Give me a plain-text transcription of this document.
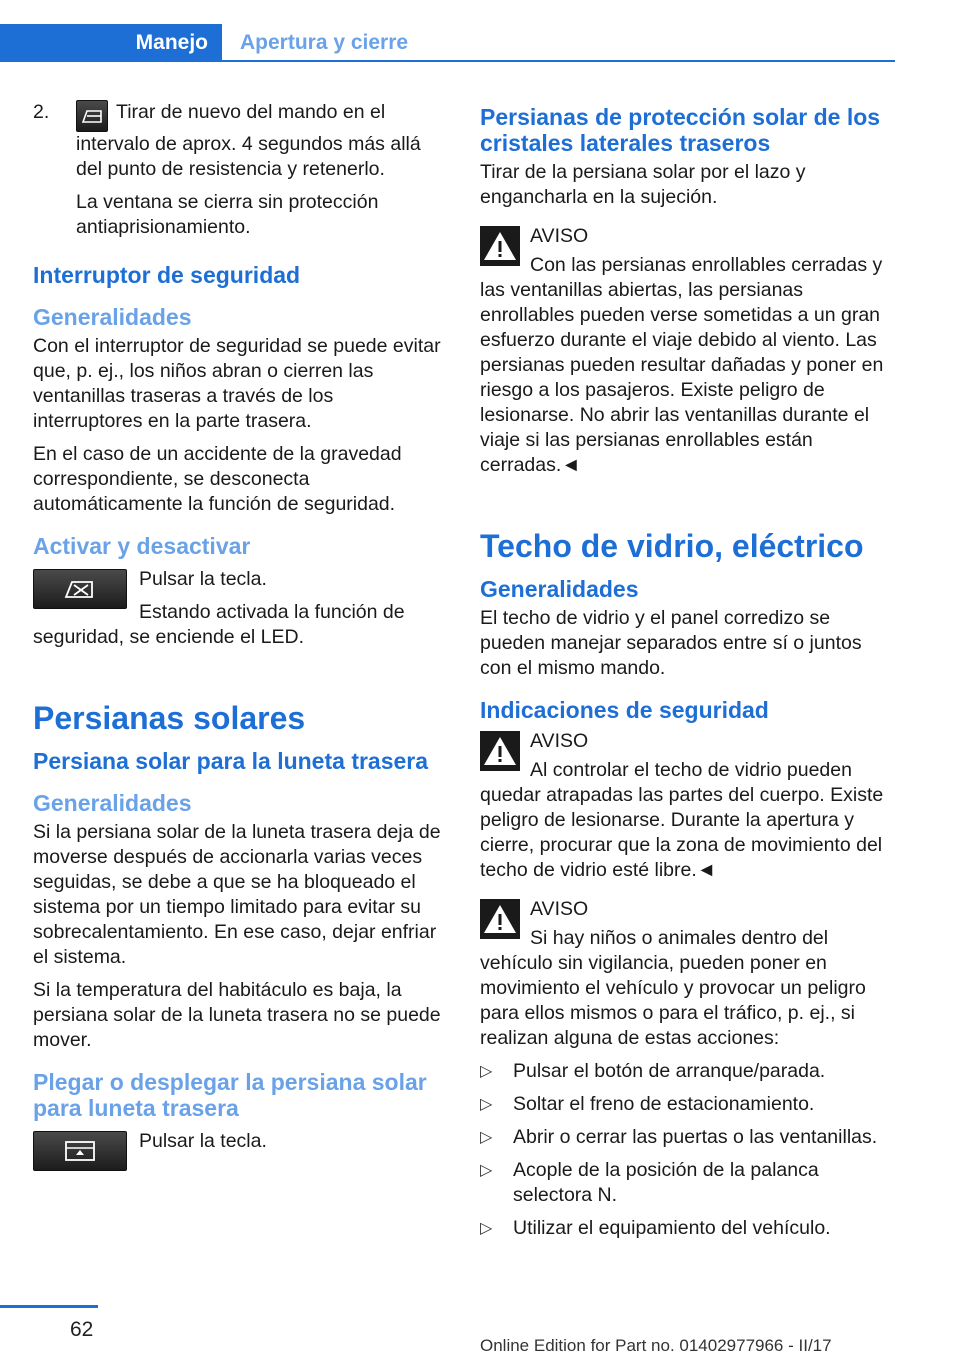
Manejo	Apertura y cierre
2.	Tirar de nuevo del mando en el intervalo de aprox. 4 segundos más allá del punto de resistencia y retenerlo.

La ventana se cierra sin protección antiaprisionamiento.

Interruptor de seguridad
Generalidades

Con el interruptor de seguridad se puede evitar que, p. ej., los niños abran o cierren las ventanillas traseras a través de los interruptores en la parte trasera.

En el caso de un accidente de la gravedad correspondiente, se desconecta automáticamente la función de seguridad.

Activar y desactivar

Pulsar la tecla.

Estando activada la función de seguridad, se enciende el LED.

Persianas solares
Persiana solar para la luneta trasera
Generalidades

Si la persiana solar de la luneta trasera deja de moverse después de accionarla varias veces seguidas, se debe a que se ha bloqueado el sistema por un tiempo limitado para evitar su sobrecalentamiento. En ese caso, dejar enfriar el sistema.

Si la temperatura del habitáculo es baja, la persiana solar de la luneta trasera no se puede mover.

Plegar o desplegar la persiana solar para luneta trasera

Pulsar la tecla.

Persianas de protección solar de los cristales laterales traseros

Tirar de la persiana solar por el lazo y engancharla en la sujeción.

AVISO

Con las persianas enrollables cerradas y las ventanillas abiertas, las persianas enrollables pueden verse sometidas a un gran esfuerzo durante el viaje debido al viento. Las persianas pueden resultar dañadas y poner en riesgo a los pasajeros. Existe peligro de lesionarse. No abrir las ventanillas durante el viaje si las persianas enrollables están cerradas.◄

Techo de vidrio, eléctrico
Generalidades

El techo de vidrio y el panel corredizo se pueden manejar separados entre sí o juntos con el mismo mando.

Indicaciones de seguridad

AVISO

Al controlar el techo de vidrio pueden quedar atrapadas las partes del cuerpo. Existe peligro de lesionarse. Durante la apertura y cierre, procurar que la zona de movimiento del techo de vidrio esté libre.◄

AVISO

Si hay niños o animales dentro del vehículo sin vigilancia, pueden poner en movimiento el vehículo y provocar un peligro para ellos mismos o para el tráfico, p. ej., si realizan alguna de estas acciones:

▷	Pulsar el botón de arranque/parada.
▷	Soltar el freno de estacionamiento.
▷	Abrir o cerrar las puertas o las ventanillas.
▷	Acople de la posición de la palanca selectora N.
▷	Utilizar el equipamiento del vehículo.
62
Online Edition for Part no. 01402977966 - II/17
